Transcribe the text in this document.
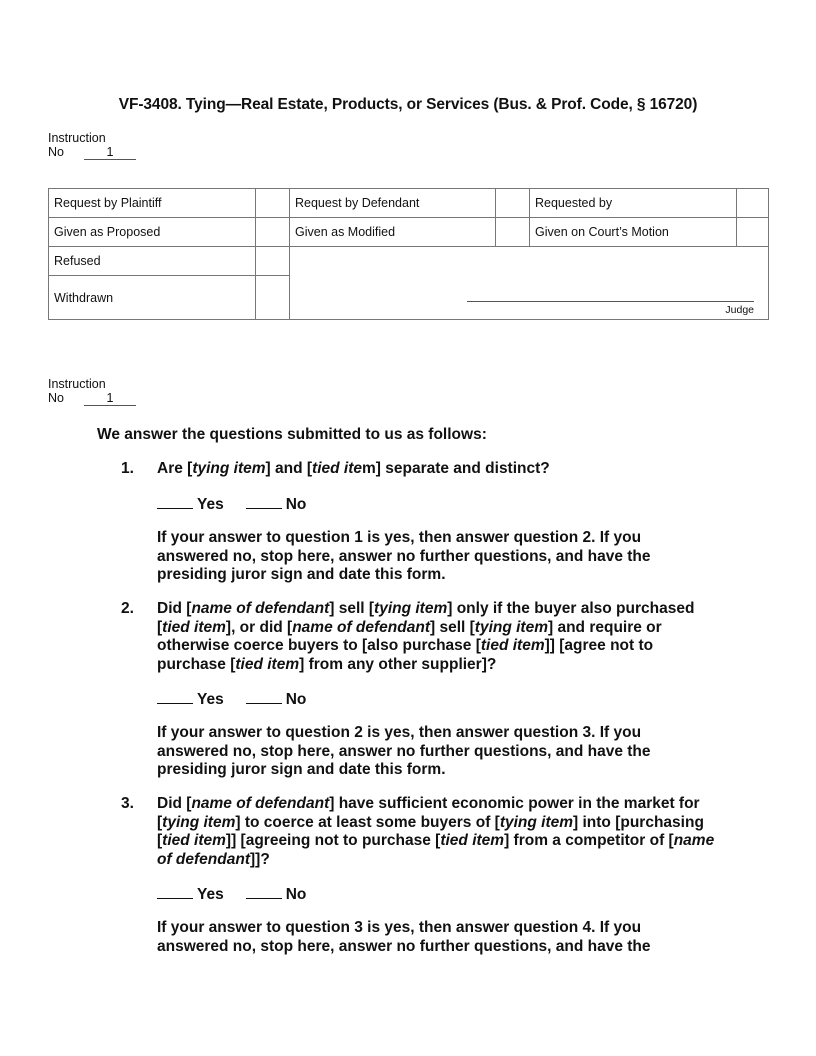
VF-3408. Tying—Real Estate, Products, or Services (Bus. & Prof. Code, § 16720)
Instruction
No	1
Request by Plaintiff		Request by Defendant		Requested by	
Given as Proposed		Given as Modified		Given on Court’s Motion	
Refused		Judge			

Withdrawn					
Instruction
No	1
We answer the questions submitted to us as follows:
1. Are [tying item] and [tied item] separate and distinct?
Yes	No
If your answer to question 1 is yes, then answer question 2. If you answered no, stop here, answer no further questions, and have the presiding juror sign and date this form.
2. Did [name of defendant] sell [tying item] only if the buyer also purchased [tied item], or did [name of defendant] sell [tying item] and require or otherwise coerce buyers to [also purchase [tied item]] [agree not to purchase [tied item] from any other supplier]?
Yes	No
If your answer to question 2 is yes, then answer question 3. If you answered no, stop here, answer no further questions, and have the presiding juror sign and date this form.
3. Did [name of defendant] have sufficient economic power in the market for [tying item] to coerce at least some buyers of [tying item] into [purchasing [tied item]] [agreeing not to purchase [tied item] from a competitor of [name of defendant]]?
Yes	No
If your answer to question 3 is yes, then answer question 4. If you answered no, stop here, answer no further questions, and have the
